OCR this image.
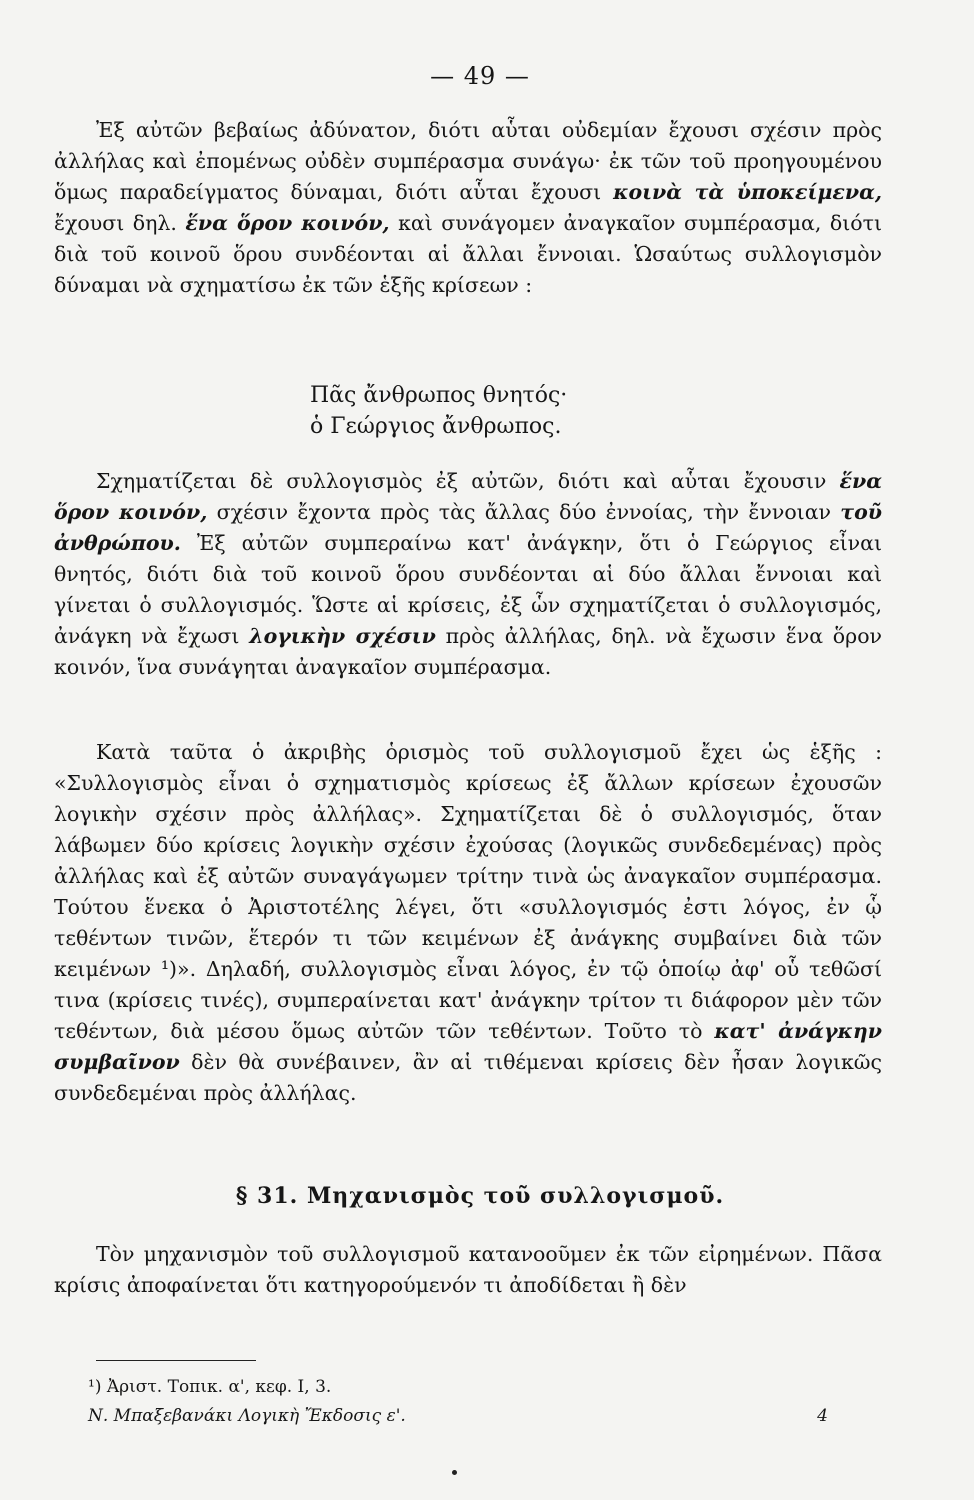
— 49 —

Ἐξ αὐτῶν βεβαίως ἀδύνατον, διότι αὗται οὐδεμίαν ἔχουσι σχέσιν πρὸς ἀλλήλας καὶ ἐπομένως οὐδὲν συμπέρασμα συνάγω· ἐκ τῶν τοῦ προηγουμένου ὅμως παραδείγματος δύναμαι, διότι αὗται ἔχουσι κοινὰ τὰ ὑποκείμενα, ἔχουσι δηλ. ἕνα ὅρον κοινόν, καὶ συνάγομεν ἀναγκαῖον συμπέρασμα, διότι διὰ τοῦ κοινοῦ ὅρου συνδέονται αἱ ἄλλαι ἔννοιαι. Ὡσαύτως συλλογισμὸν δύναμαι νὰ σχηματίσω ἐκ τῶν ἑξῆς κρίσεων :

Πᾶς ἄνθρωπος θνητός·
ὁ Γεώργιος ἄνθρωπος.

Σχηματίζεται δὲ συλλογισμὸς ἐξ αὐτῶν, διότι καὶ αὗται ἔχουσιν ἕνα ὅρον κοινόν, σχέσιν ἔχοντα πρὸς τὰς ἄλλας δύο ἐννοίας, τὴν ἔννοιαν τοῦ ἀνθρώπου. Ἐξ αὐτῶν συμπεραίνω κατ' ἀνάγκην, ὅτι ὁ Γεώργιος εἶναι θνητός, διότι διὰ τοῦ κοινοῦ ὅρου συνδέονται αἱ δύο ἄλλαι ἔννοιαι καὶ γίνεται ὁ συλλογισμός. Ὥστε αἱ κρίσεις, ἐξ ὧν σχηματίζεται ὁ συλλογισμός, ἀνάγκη νὰ ἔχωσι λογικὴν σχέσιν πρὸς ἀλλήλας, δηλ. νὰ ἔχωσιν ἕνα ὅρον κοινόν, ἵνα συνάγηται ἀναγκαῖον συμπέρασμα.

Κατὰ ταῦτα ὁ ἀκριβὴς ὁρισμὸς τοῦ συλλογισμοῦ ἔχει ὡς ἑξῆς : «Συλλογισμὸς εἶναι ὁ σχηματισμὸς κρίσεως ἐξ ἄλλων κρίσεων ἐχουσῶν λογικὴν σχέσιν πρὸς ἀλλήλας». Σχηματίζεται δὲ ὁ συλλογισμός, ὅταν λάβωμεν δύο κρίσεις λογικὴν σχέσιν ἐχούσας (λογικῶς συνδεδεμένας) πρὸς ἀλλήλας καὶ ἐξ αὐτῶν συναγάγωμεν τρίτην τινὰ ὡς ἀναγκαῖον συμπέρασμα. Τούτου ἕνεκα ὁ Ἀριστοτέλης λέγει, ὅτι «συλλογισμός ἐστι λόγος, ἐν ᾧ τεθέντων τινῶν, ἕτερόν τι τῶν κειμένων ἐξ ἀνάγκης συμβαίνει διὰ τῶν κειμένων ¹)». Δηλαδή, συλλογισμὸς εἶναι λόγος, ἐν τῷ ὁποίῳ ἀφ' οὗ τεθῶσί τινα (κρίσεις τινές), συμπεραίνεται κατ' ἀνάγκην τρίτον τι διάφορον μὲν τῶν τεθέντων, διὰ μέσου ὅμως αὐτῶν τῶν τεθέντων. Τοῦτο τὸ κατ' ἀνάγκην συμβαῖνον δὲν θὰ συνέβαινεν, ἂν αἱ τιθέμεναι κρίσεις δὲν ἦσαν λογικῶς συνδεδεμέναι πρὸς ἀλλήλας.

§ 31. Μηχανισμὸς τοῦ συλλογισμοῦ.

Τὸν μηχανισμὸν τοῦ συλλογισμοῦ κατανοοῦμεν ἐκ τῶν εἰρημένων. Πᾶσα κρίσις ἀποφαίνεται ὅτι κατηγορούμενόν τι ἀποδίδεται ἢ δὲν

¹) Ἀριστ. Τοπικ. α', κεφ. I, 3.
Ν. Μπαξεβανάκι Λογικὴ Ἔκδοσις ε'.	4
